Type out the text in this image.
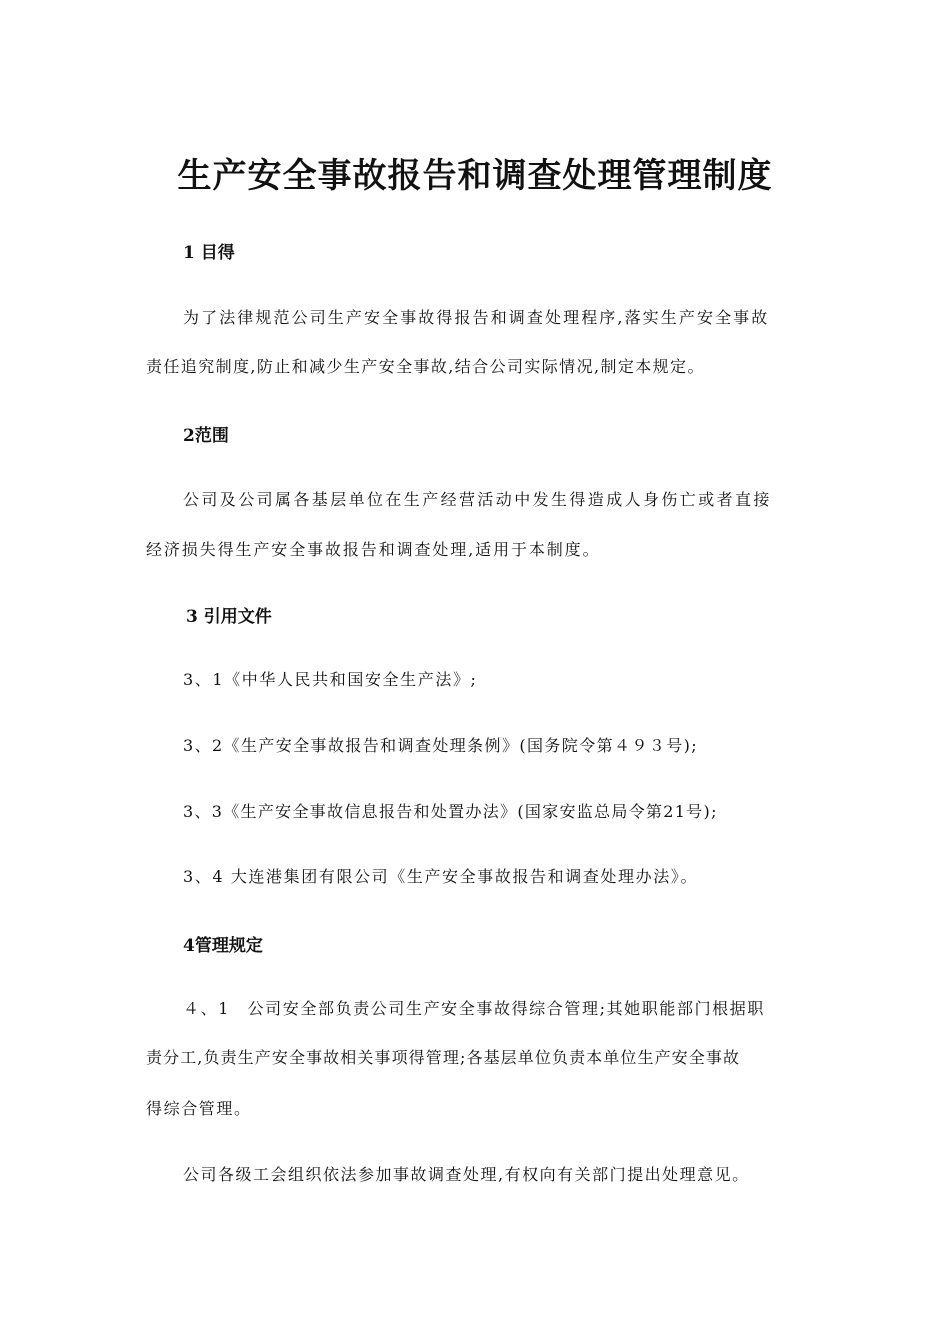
生产安全事故报告和调查处理管理制度
1 目得
为了法律规范公司生产安全事故得报告和调查处理程序,落实生产安全事故
责任追究制度,防止和减少生产安全事故,结合公司实际情况,制定本规定。
2范围
公司及公司属各基层单位在生产经营活动中发生得造成人身伤亡或者直接
经济损失得生产安全事故报告和调查处理,适用于本制度。
3 引用文件
3、1《中华人民共和国安全生产法》;
3、2《生产安全事故报告和调查处理条例》(国务院令第４９３号);
3、3《生产安全事故信息报告和处置办法》(国家安监总局令第21号);
3、4 大连港集团有限公司《生产安全事故报告和调查处理办法》。
4管理规定
４、1　公司安全部负责公司生产安全事故得综合管理;其她职能部门根据职
责分工,负责生产安全事故相关事项得管理;各基层单位负责本单位生产安全事故
得综合管理。
公司各级工会组织依法参加事故调查处理,有权向有关部门提出处理意见。
